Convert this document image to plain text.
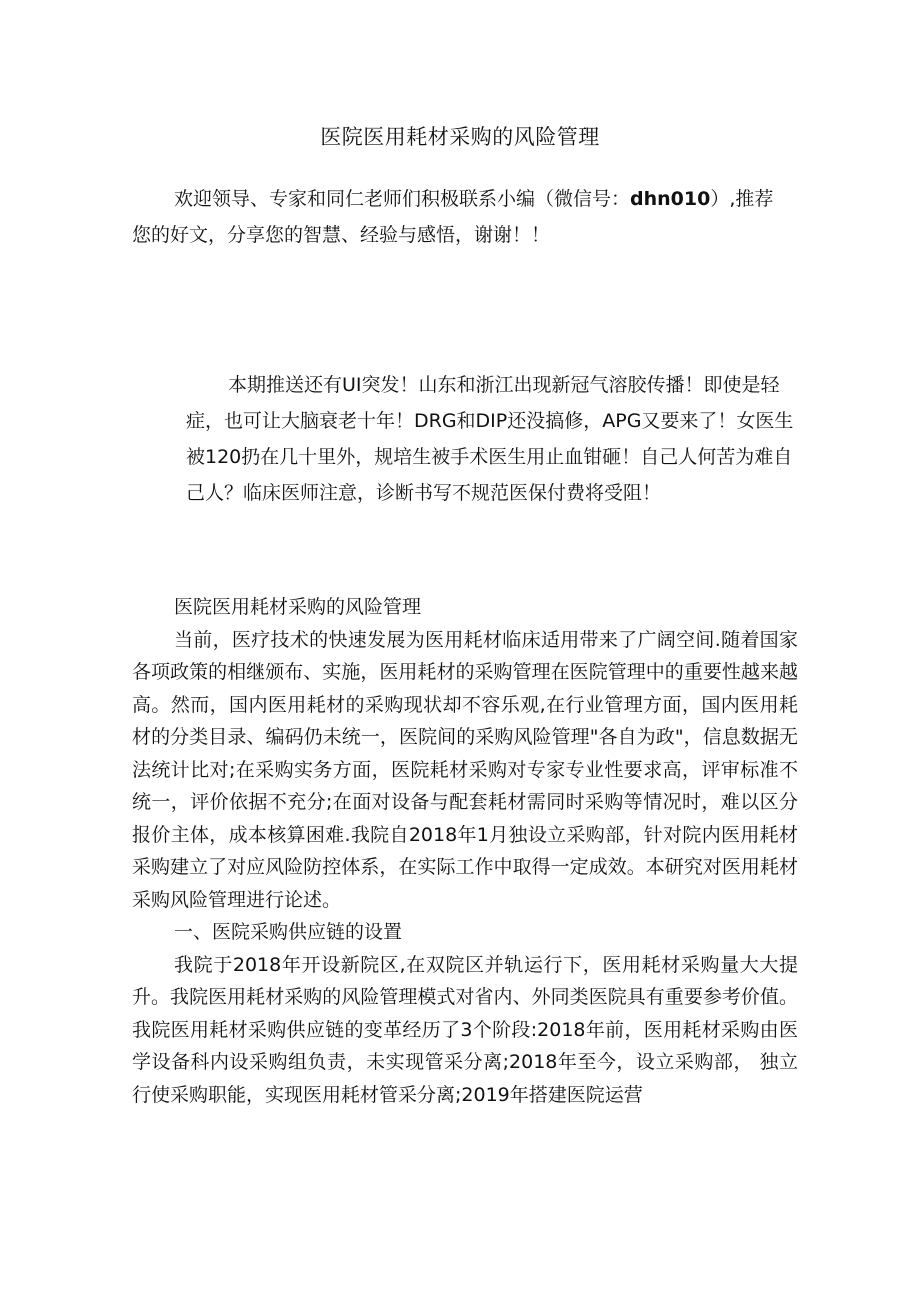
医院医用耗材采购的风险管理

欢迎领导、专家和同仁老师们积极联系小编（微信号：dhn010）,推荐您的好文，分享您的智慧、经验与感悟，谢谢！！

本期推送还有UI突发！山东和浙江出现新冠气溶胶传播！即使是轻症，也可让大脑衰老十年！DRG和DIP还没搞修，APG又要来了！女医生被120扔在几十里外，规培生被手术医生用止血钳砸！自己人何苦为难自己人？临床医师注意，诊断书写不规范医保付费将受阻！

医院医用耗材采购的风险管理

当前，医疗技术的快速发展为医用耗材临床适用带来了广阔空间.随着国家各项政策的相继颁布、实施，医用耗材的采购管理在医院管理中的重要性越来越高。然而，国内医用耗材的采购现状却不容乐观,在行业管理方面，国内医用耗材的分类目录、编码仍未统一，医院间的采购风险管理"各自为政"，信息数据无法统计比对;在采购实务方面，医院耗材采购对专家专业性要求高，评审标准不统一，评价依据不充分;在面对设备与配套耗材需同时采购等情况时，难以区分报价主体，成本核算困难.我院自2018年1月独设立采购部，针对院内医用耗材采购建立了对应风险防控体系，在实际工作中取得一定成效。本研究对医用耗材采购风险管理进行论述。

一、医院采购供应链的设置

我院于2018年开设新院区,在双院区并轨运行下，医用耗材采购量大大提升。我院医用耗材采购的风险管理模式对省内、外同类医院具有重要参考价值。我院医用耗材采购供应链的变革经历了3个阶段:2018年前，医用耗材采购由医学设备科内设采购组负责，未实现管采分离;2018年至今，设立采购部， 独立行使采购职能，实现医用耗材管采分离;2019年搭建医院运营
